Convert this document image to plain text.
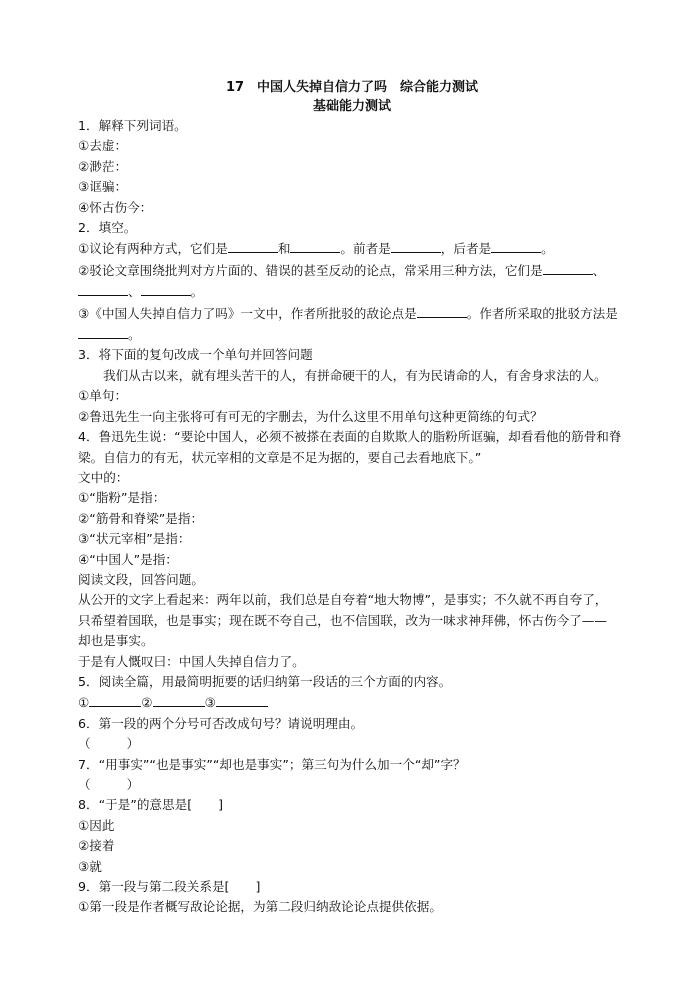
17　中国人失掉自信力了吗　综合能力测试
基础能力测试
1．解释下列词语。
①去虚：
②渺茫：
③诓骗：
④怀古伤今：
2．填空。
①议论有两种方式，它们是	和	。前者是	，后者是	。
②驳论文章围绕批判对方片面的、错误的甚至反动的论点，常采用三种方法，它们是	、
、	。
③《中国人失掉自信力了吗》一文中，作者所批驳的敌论点是	。作者所采取的批驳方法是
。
3．将下面的复句改成一个单句并回答问题
我们从古以来，就有埋头苦干的人，有拼命硬干的人，有为民请命的人，有舍身求法的人。
①单句：
②鲁迅先生一向主张将可有可无的字删去，为什么这里不用单句这种更简练的句式？
4．鲁迅先生说：“要论中国人，必须不被搽在表面的自欺欺人的脂粉所诓骗，却看看他的筋骨和脊
梁。自信力的有无，状元宰相的文章是不足为据的，要自己去看地底下。”
文中的：
①“脂粉”是指：
②“筋骨和脊梁”是指：
③“状元宰相”是指：
④“中国人”是指：
阅读文段，回答问题。
从公开的文字上看起来：两年以前，我们总是自夸着“地大物博”，是事实；不久就不再自夸了，
只希望着国联，也是事实；现在既不夸自己，也不信国联，改为一味求神拜佛，怀古伤今了——
却也是事实。
于是有人慨叹曰：中国人失掉自信力了。
5．阅读全篇，用最简明扼要的话归纳第一段话的三个方面的内容。
①	②	③
6．第一段的两个分号可否改成句号？请说明理由。
（	）
7．“用事实”“也是事实”“却也是事实”；第三句为什么加一个“却”字？
（	）
8．“于是”的意思是[ ]
①因此
②接着
③就
9．第一段与第二段关系是[ ]
①第一段是作者概写敌论论据，为第二段归纳敌论论点提供依据。
